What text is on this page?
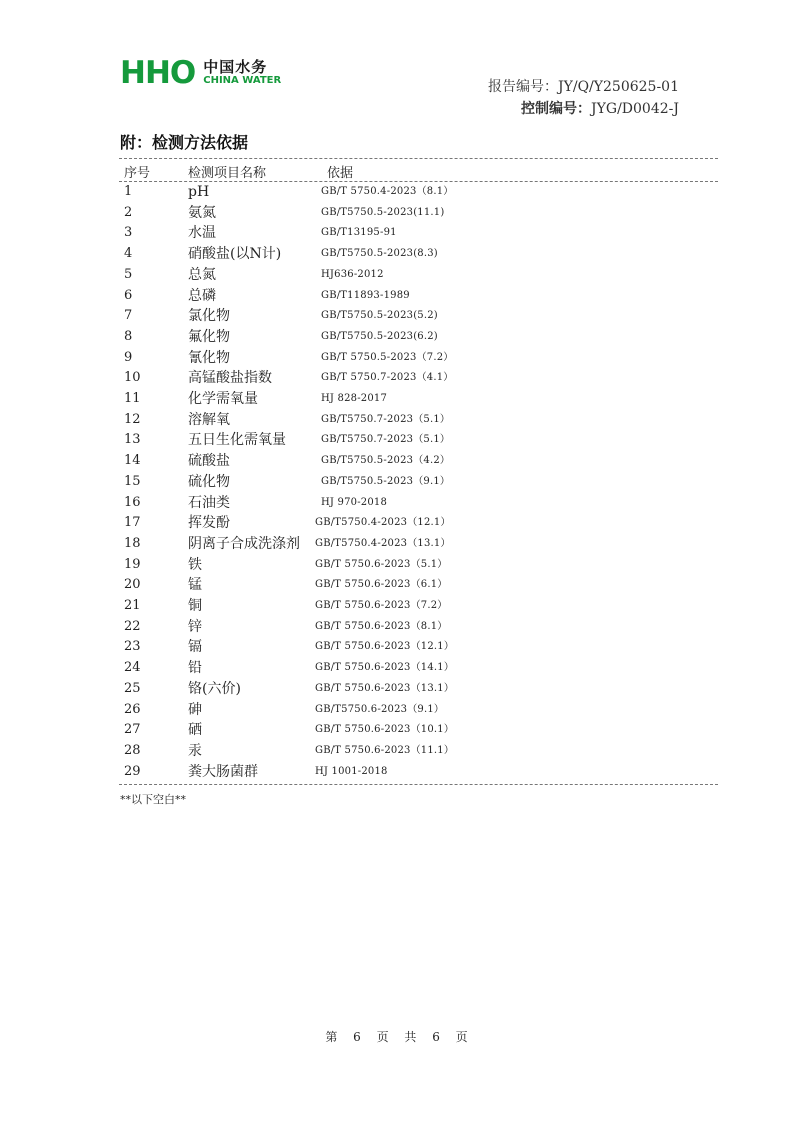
HHO 中国水务
CHINA WATER	报告编号：JY/Q/Y250625-01
控制编号：JYG/D0042-J
附：检测方法依据
序号	检测项目名称	依据
1	pH	GB/T 5750.4-2023（8.1）
2	氨氮	GB/T5750.5-2023(11.1)
3	水温	GB/T13195-91
4	硝酸盐(以N计)	GB/T5750.5-2023(8.3)
5	总氮	HJ636-2012
6	总磷	GB/T11893-1989
7	氯化物	GB/T5750.5-2023(5.2)
8	氟化物	GB/T5750.5-2023(6.2)
9	氰化物	GB/T 5750.5-2023（7.2）
10	高锰酸盐指数	GB/T 5750.7-2023（4.1）
11	化学需氧量	HJ 828-2017
12	溶解氧	GB/T5750.7-2023（5.1）
13	五日生化需氧量	GB/T5750.7-2023（5.1）
14	硫酸盐	GB/T5750.5-2023（4.2）
15	硫化物	GB/T5750.5-2023（9.1）
16	石油类	HJ 970-2018
17	挥发酚	GB/T5750.4-2023（12.1）
18	阴离子合成洗涤剂 GB/T5750.4-2023（13.1）
19	铁	GB/T 5750.6-2023（5.1）
20	锰	GB/T 5750.6-2023（6.1）
21	铜	GB/T 5750.6-2023（7.2）
22	锌	GB/T 5750.6-2023（8.1）
23	镉	GB/T 5750.6-2023（12.1）
24	铅	GB/T 5750.6-2023（14.1）
25	铬(六价)	GB/T 5750.6-2023（13.1）
26	砷	GB/T5750.6-2023（9.1）
27	硒	GB/T 5750.6-2023（10.1）
28	汞	GB/T 5750.6-2023（11.1）
29	粪大肠菌群	HJ 1001-2018
**以下空白**
第 6 页 共 6 页
